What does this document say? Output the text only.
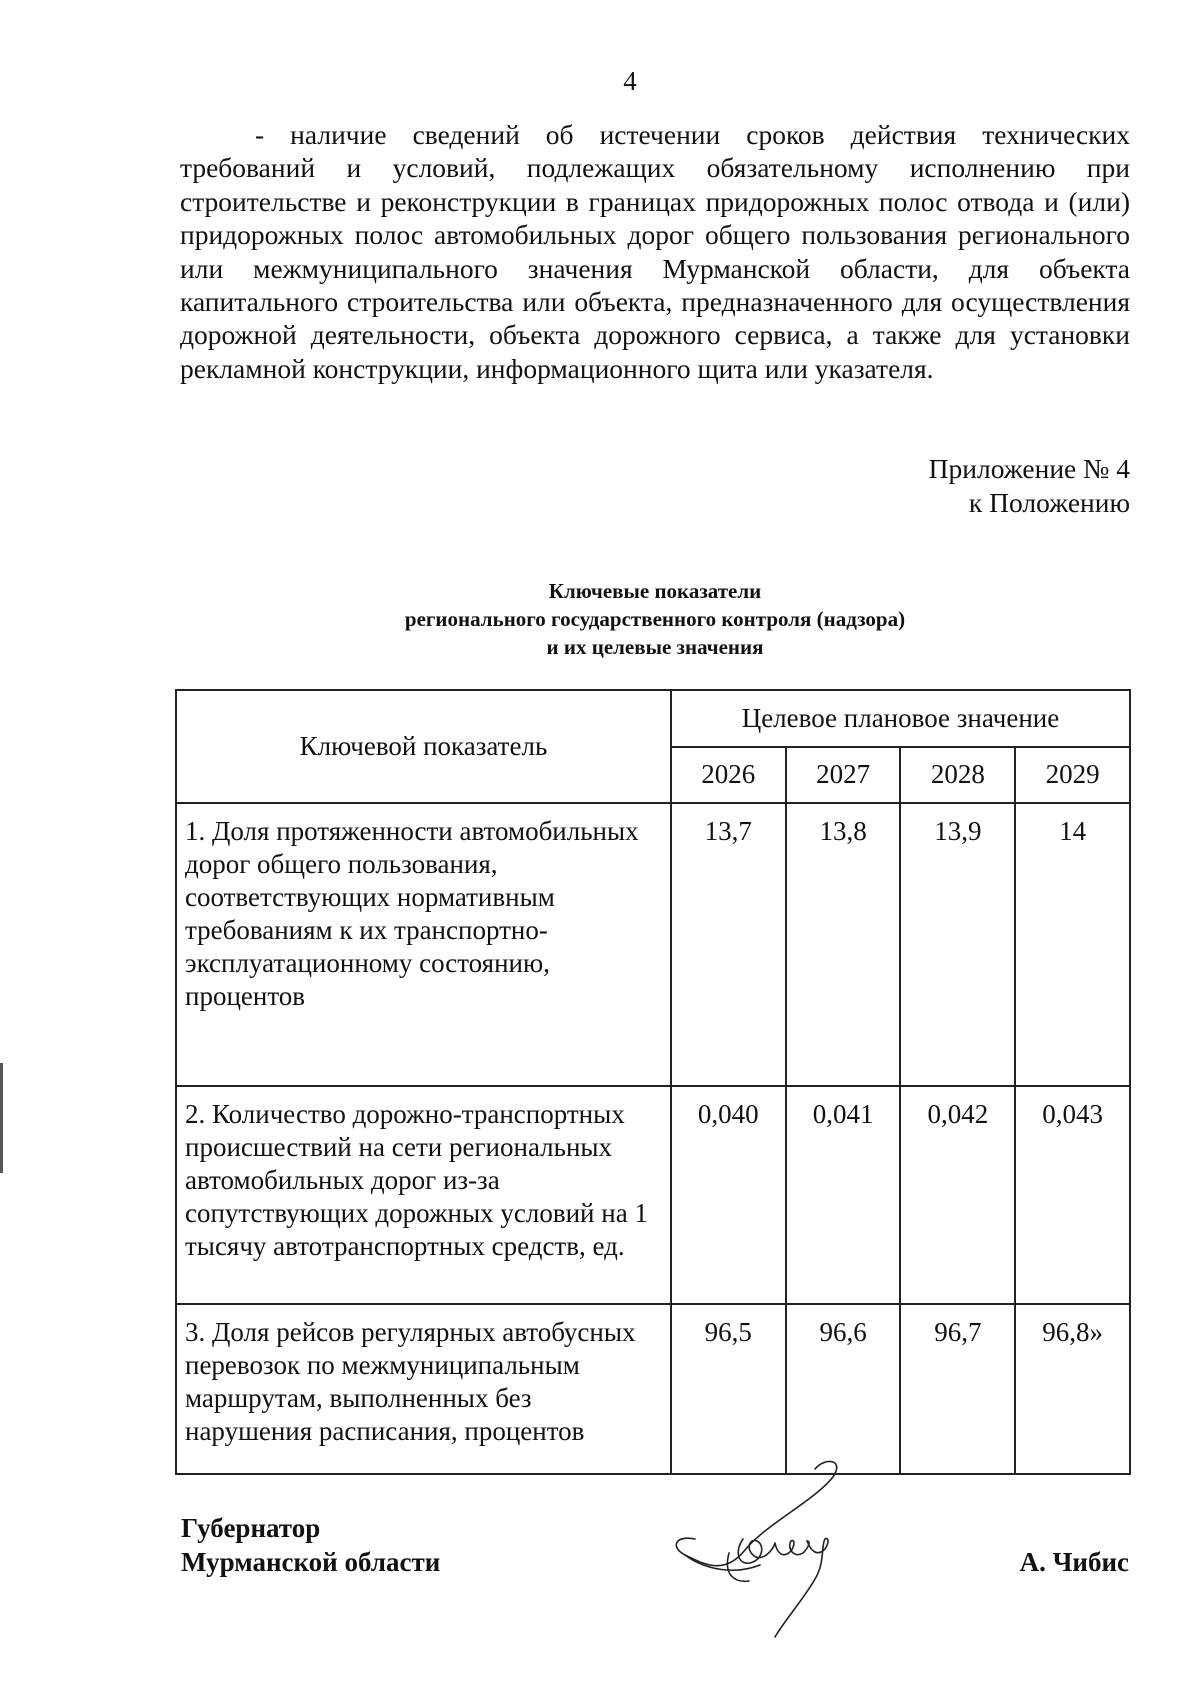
4
- наличие сведений об истечении сроков действия технических требований и условий, подлежащих обязательному исполнению при строительстве и реконструкции в границах придорожных полос отвода и (или) придорожных полос автомобильных дорог общего пользования регионального или межмуниципального значения Мурманской области, для объекта капитального строительства или объекта, предназначенного для осуществления дорожной деятельности, объекта дорожного сервиса, а также для установки рекламной конструкции, информационного щита или указателя.
Приложение № 4
к Положению
Ключевые показатели
регионального государственного контроля (надзора)
и их целевые значения
Ключевой показатель	Целевое плановое значение			
	2026	2027	2028	2029
1. Доля протяженности автомобильных дорог общего пользования, соответствующих нормативным требованиям к их транспортно-эксплуатационному состоянию, процентов	13,7	13,8	13,9	14
2. Количество дорожно-транспортных происшествий на сети региональных автомобильных дорог из-за сопутствующих дорожных условий на 1 тысячу автотранспортных средств, ед.	0,040	0,041	0,042	0,043
3. Доля рейсов регулярных автобусных перевозок по межмуниципальным маршрутам, выполненных без нарушения расписания, процентов	96,5	96,6	96,7	96,8»
Губернатор
Мурманской области	А. Чибис
